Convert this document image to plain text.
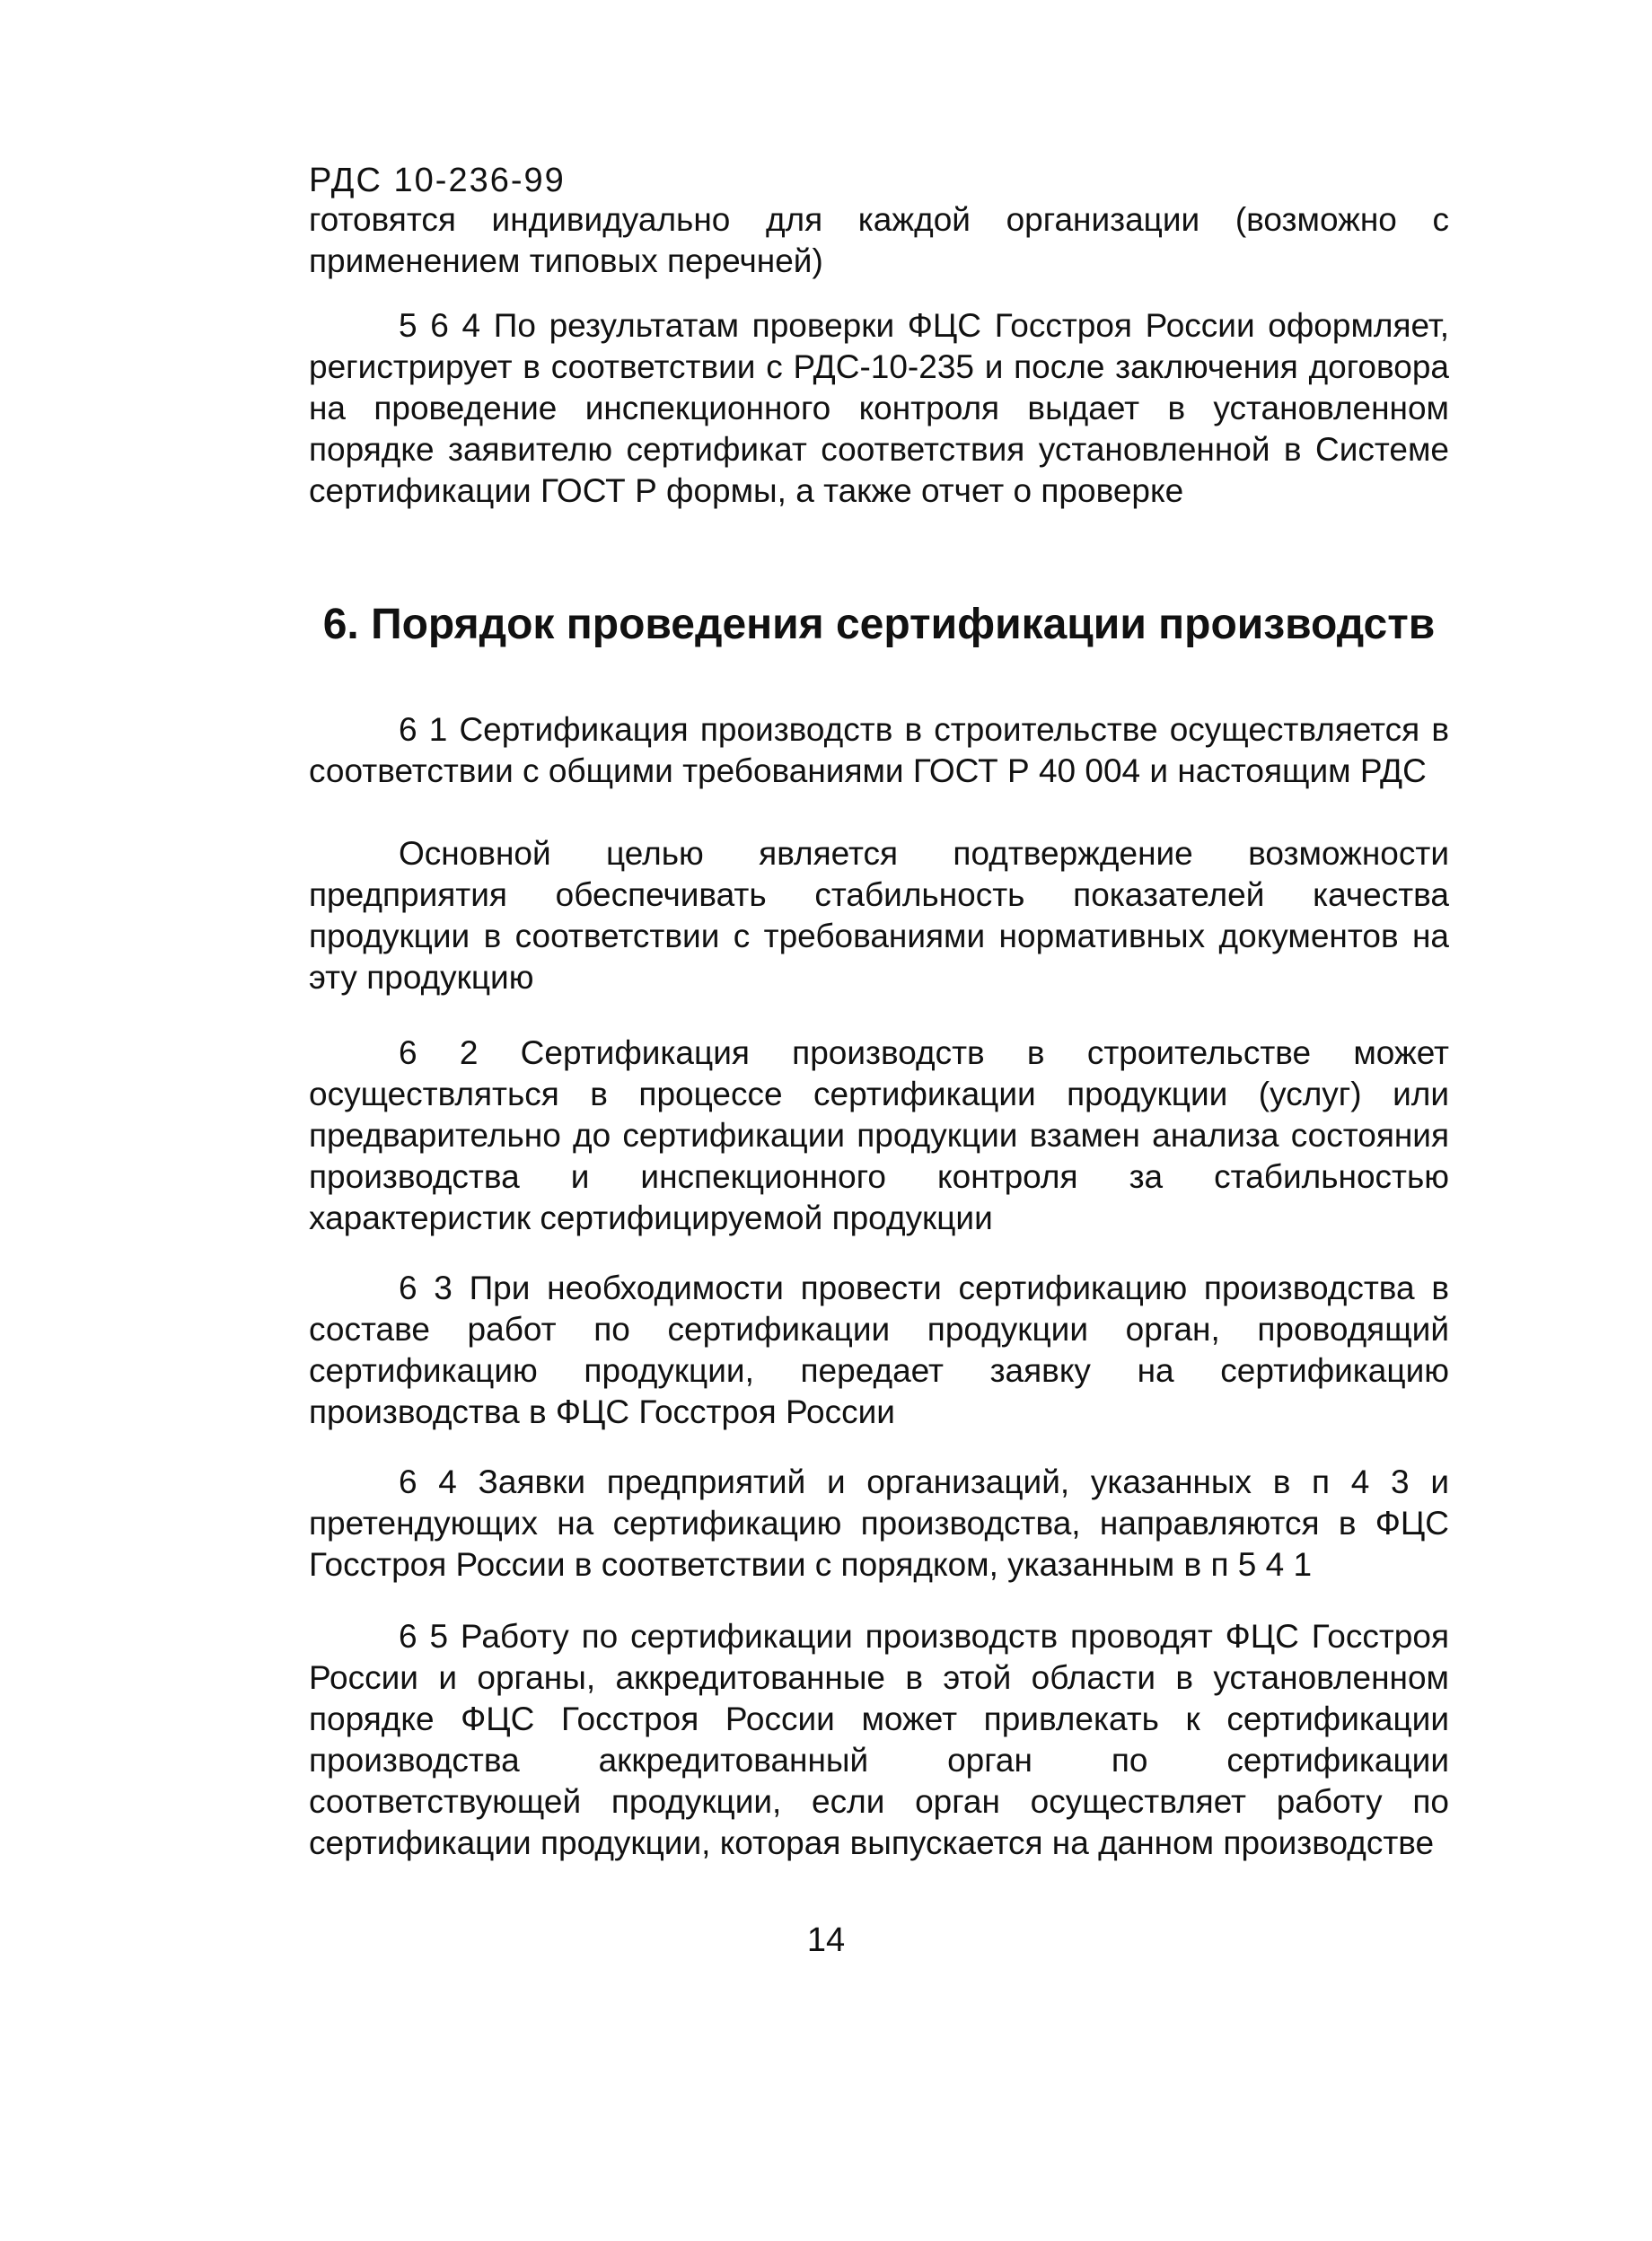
РДС 10-236-99

готовятся индивидуально для каждой организации (возможно с применением типовых перечней)

5 6 4 По результатам проверки ФЦС Госстроя России оформляет, регистрирует в соответствии с РДС-10-235 и после заключения договора на проведение инспекционного контроля выдает в установленном порядке заявителю сертификат соответствия установленной в Системе сертификации ГОСТ Р формы, а также отчет о проверке

6. Порядок проведения сертификации производств

6 1 Сертификация производств в строительстве осуществляется в соответствии с общими требованиями ГОСТ Р 40 004 и настоящим РДС

Основной целью является подтверждение возможности предприятия обеспечивать стабильность показателей качества продукции в соответствии с требованиями нормативных документов на эту продукцию

6 2 Сертификация производств в строительстве может осуществляться в процессе сертификации продукции (услуг) или предварительно до сертификации продукции взамен анализа состояния производства и инспекционного контроля за стабильностью характеристик сертифицируемой продукции

6 3 При необходимости провести сертификацию производства в составе работ по сертификации продукции орган, проводящий сертификацию продукции, передает заявку на сертификацию производства в ФЦС Госстроя России

6 4 Заявки предприятий и организаций, указанных в п 4 3 и претендующих на сертификацию производства, направляются в ФЦС Госстроя России в соответствии с порядком, указанным в п 5 4 1

6 5 Работу по сертификации производств проводят ФЦС Госстроя России и органы, аккредитованные в этой области в установленном порядке ФЦС Госстроя России может привлекать к сертификации производства аккредитованный орган по сертификации соответствующей продукции, если орган осуществляет работу по сертификации продукции, которая выпускается на данном производстве

14
